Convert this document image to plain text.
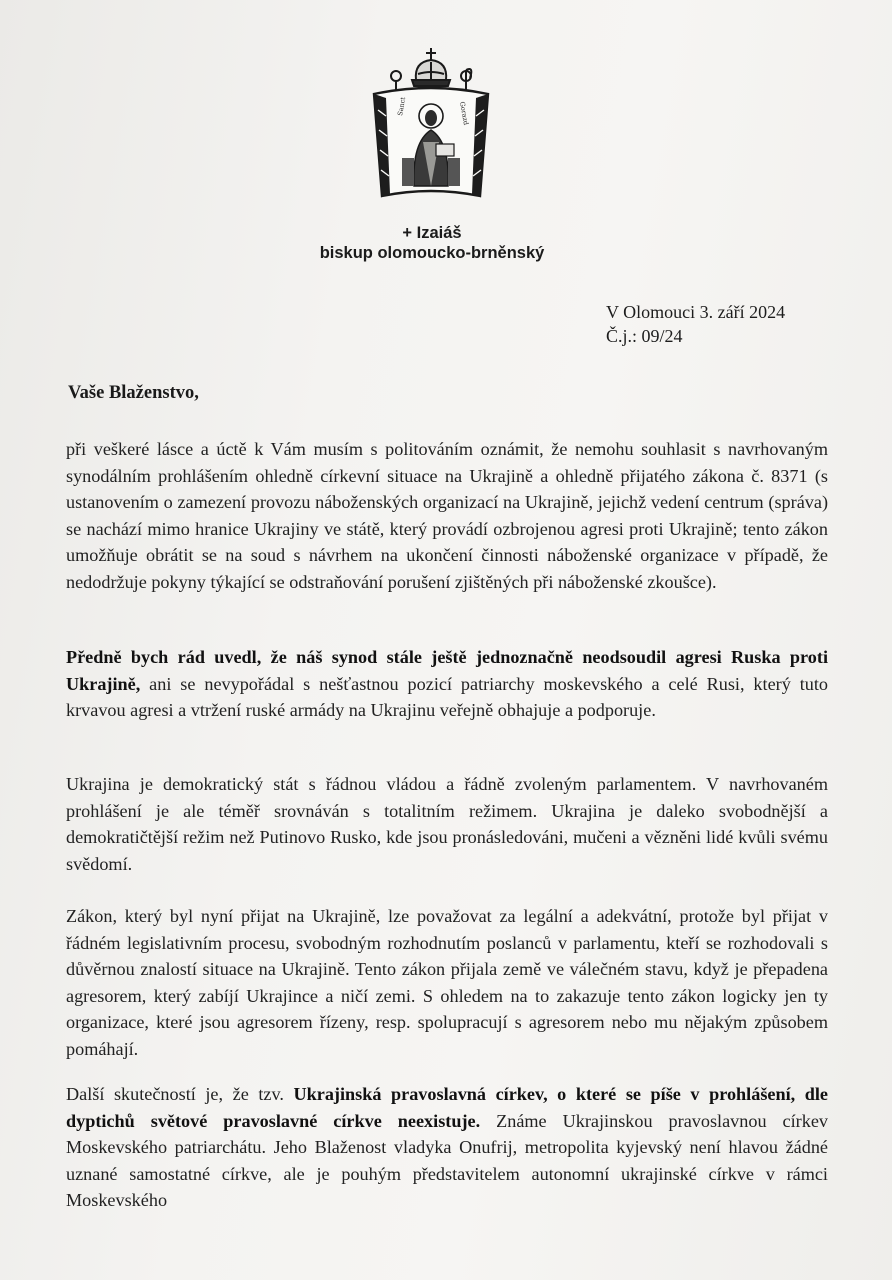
Sanct	Gorazd
+ Izaiáš
biskup olomoucko-brněnský
V Olomouci 3. září 2024
Č.j.: 09/24
Vaše Blaženstvo,

při veškeré lásce a úctě k Vám musím s politováním oznámit, že nemohu souhlasit s navrhovaným synodálním prohlášením ohledně církevní situace na Ukrajině a ohledně přijatého zákona č. 8371 (s ustanovením o zamezení provozu náboženských organizací na Ukrajině, jejichž vedení centrum (správa) se nachází mimo hranice Ukrajiny ve státě, který provádí ozbrojenou agresi proti Ukrajině; tento zákon umožňuje obrátit se na soud s návrhem na ukončení činnosti náboženské organizace v případě, že nedodržuje pokyny týkající se odstraňování porušení zjištěných při náboženské zkoušce).

Předně bych rád uvedl, že náš synod stále ještě jednoznačně neodsoudil agresi Ruska proti Ukrajině, ani se nevypořádal s nešťastnou pozicí patriarchy moskevského a celé Rusi, který tuto krvavou agresi a vtržení ruské armády na Ukrajinu veřejně obhajuje a podporuje.

Ukrajina je demokratický stát s řádnou vládou a řádně zvoleným parlamentem. V navrhovaném prohlášení je ale téměř srovnáván s totalitním režimem. Ukrajina je daleko svobodnější a demokratičtější režim než Putinovo Rusko, kde jsou pronásledováni, mučeni a vězněni lidé kvůli svému svědomí.

Zákon, který byl nyní přijat na Ukrajině, lze považovat za legální a adekvátní, protože byl přijat v řádném legislativním procesu, svobodným rozhodnutím poslanců v parlamentu, kteří se rozhodovali s důvěrnou znalostí situace na Ukrajině. Tento zákon přijala země ve válečném stavu, když je přepadena agresorem, který zabíjí Ukrajince a ničí zemi. S ohledem na to zakazuje tento zákon logicky jen ty organizace, které jsou agresorem řízeny, resp. spolupracují s agresorem nebo mu nějakým způsobem pomáhají.

Další skutečností je, že tzv. Ukrajinská pravoslavná církev, o které se píše v prohlášení, dle dyptichů světové pravoslavné církve neexistuje. Známe Ukrajinskou pravoslavnou církev Moskevského patriarchátu. Jeho Blaženost vladyka Onufrij, metropolita kyjevský není hlavou žádné uznané samostatné církve, ale je pouhým představitelem autonomní ukrajinské církve v rámci Moskevského
